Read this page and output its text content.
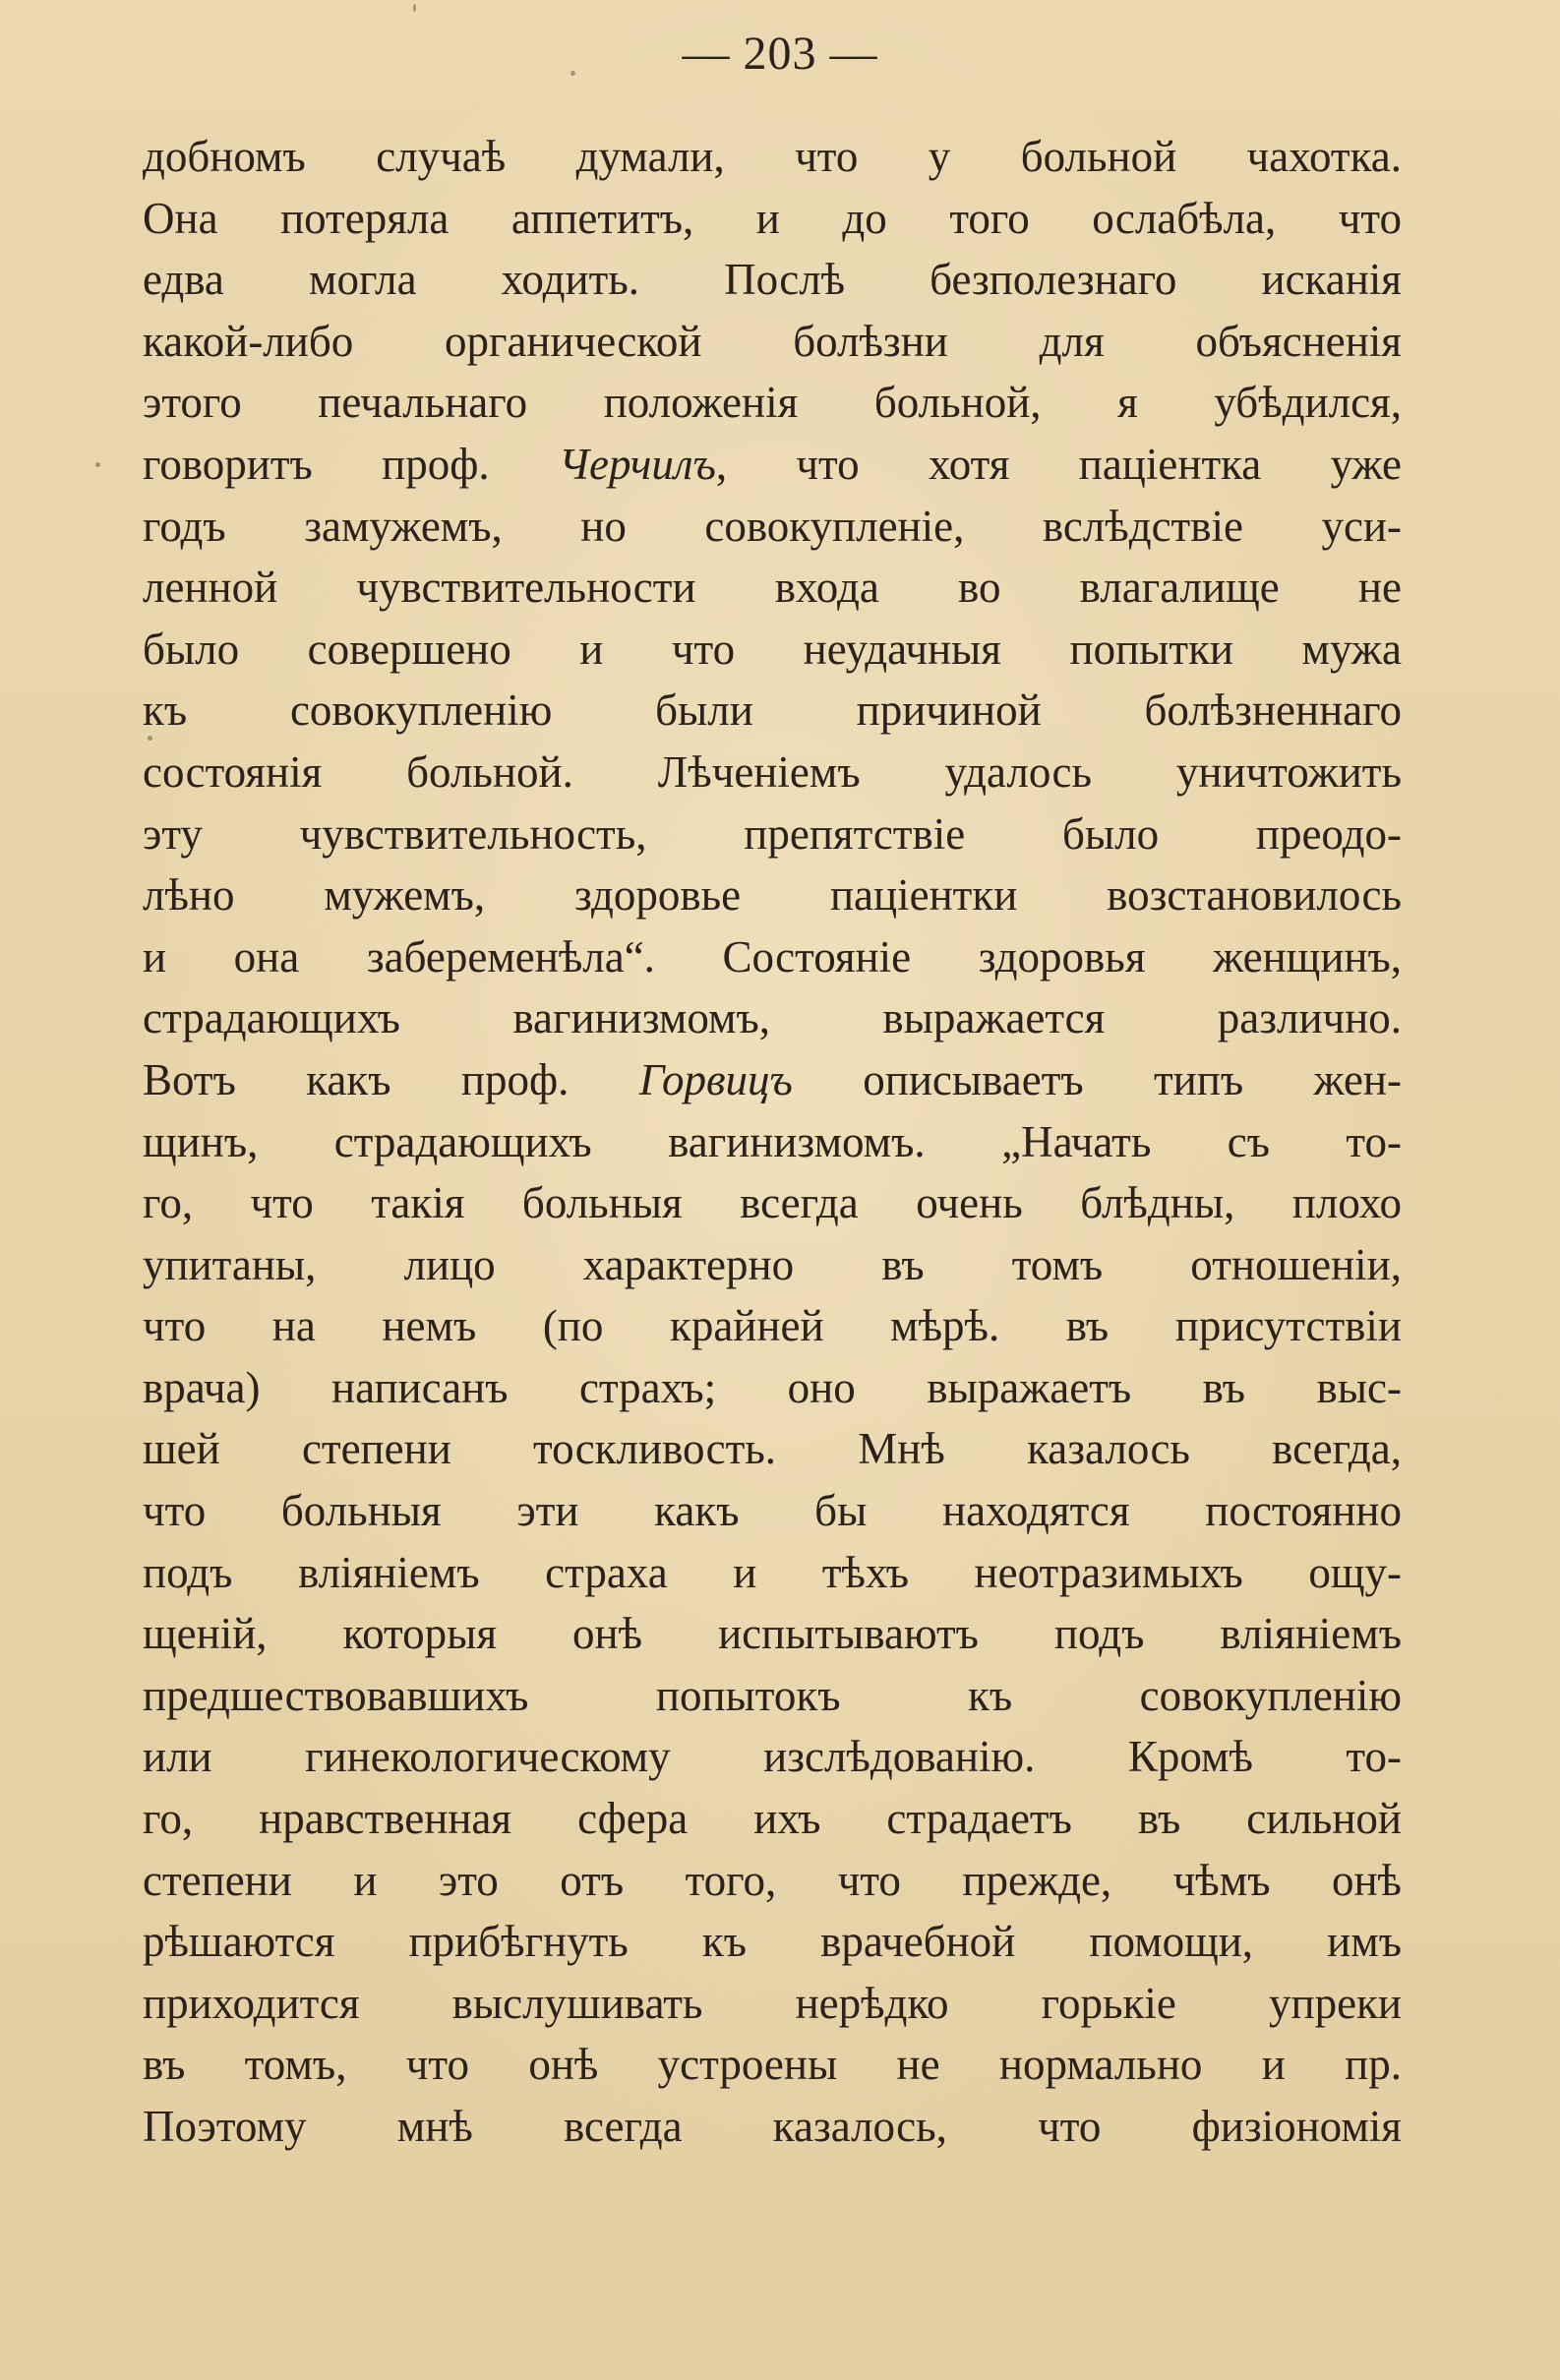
— 203 —
добномъ случаѣ думали, что у больной чахотка.
Она потеряла аппетитъ, и до того ослабѣла, что
едва могла ходить. Послѣ безполезнаго исканія
какой-либо органической болѣзни для объясненія
этого печальнаго положенія больной, я убѣдился,
говоритъ проф. Черчилъ, что хотя паціентка уже
годъ замужемъ, но совокупленіе, вслѣдствіе уси-
ленной чувствительности входа во влагалище не
было совершено и что неудачныя попытки мужа
къ совокупленію были причиной болѣзненнаго
состоянія больной. Лѣченіемъ удалось уничтожить
эту чувствительность, препятствіе было преодо-
лѣно мужемъ, здоровье паціентки возстановилось
и она забеременѣла“. Состояніе здоровья женщинъ,
страдающихъ вагинизмомъ, выражается различно.
Вотъ какъ проф. Горвицъ описываетъ типъ жен-
щинъ, страдающихъ вагинизмомъ. „Начать съ то-
го, что такія больныя всегда очень блѣдны, плохо
упитаны, лицо характерно въ томъ отношеніи,
что на немъ (по крайней мѣрѣ. въ присутствіи
врача) написанъ страхъ; оно выражаетъ въ выс-
шей степени тоскливость. Мнѣ казалось всегда,
что больныя эти какъ бы находятся постоянно
подъ вліяніемъ страха и тѣхъ неотразимыхъ ощу-
щеній, которыя онѣ испытываютъ подъ вліяніемъ
предшествовавшихъ попытокъ къ совокупленію
или гинекологическому изслѣдованію. Кромѣ то-
го, нравственная сфера ихъ страдаетъ въ сильной
степени и это отъ того, что прежде, чѣмъ онѣ
рѣшаются прибѣгнуть къ врачебной помощи, имъ
приходится выслушивать нерѣдко горькіе упреки
въ томъ, что онѣ устроены не нормально и пр.
Поэтому мнѣ всегда казалось, что физіономія
